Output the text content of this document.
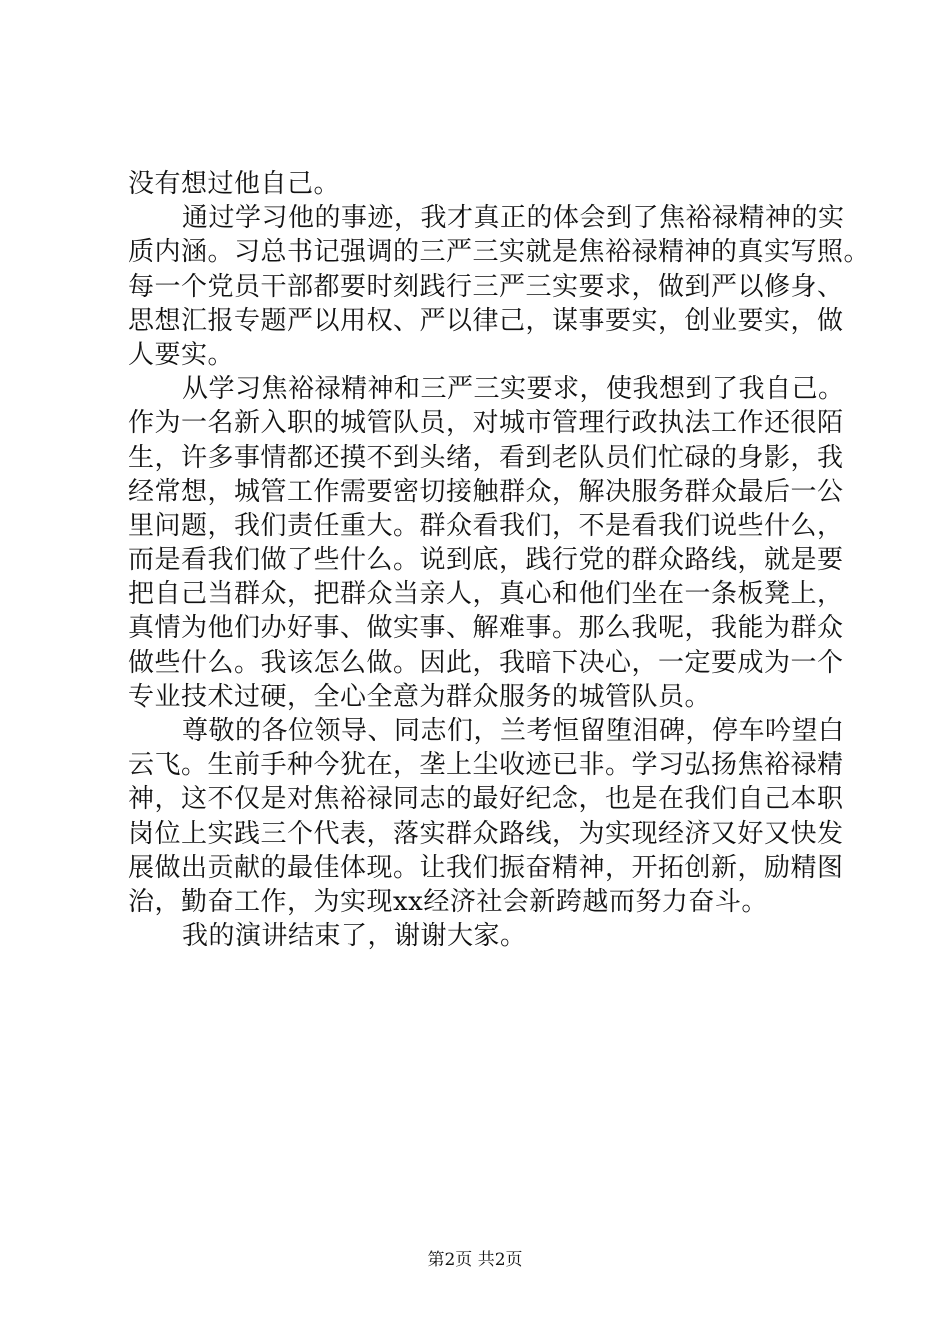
没有想过他自己。
通过学习他的事迹，我才真正的体会到了焦裕禄精神的实
质内涵。习总书记强调的三严三实就是焦裕禄精神的真实写照。
每一个党员干部都要时刻践行三严三实要求，做到严以修身、
思想汇报专题严以用权、严以律己，谋事要实，创业要实，做
人要实。
从学习焦裕禄精神和三严三实要求，使我想到了我自己。
作为一名新入职的城管队员，对城市管理行政执法工作还很陌
生，许多事情都还摸不到头绪，看到老队员们忙碌的身影，我
经常想，城管工作需要密切接触群众，解决服务群众最后一公
里问题，我们责任重大。群众看我们，不是看我们说些什么，
而是看我们做了些什么。说到底，践行党的群众路线，就是要
把自己当群众，把群众当亲人，真心和他们坐在一条板凳上，
真情为他们办好事、做实事、解难事。那么我呢，我能为群众
做些什么。我该怎么做。因此，我暗下决心，一定要成为一个
专业技术过硬，全心全意为群众服务的城管队员。
尊敬的各位领导、同志们，兰考恒留堕泪碑，停车吟望白
云飞。生前手种今犹在，垄上尘收迹已非。学习弘扬焦裕禄精
神，这不仅是对焦裕禄同志的最好纪念，也是在我们自己本职
岗位上实践三个代表，落实群众路线，为实现经济又好又快发
展做出贡献的最佳体现。让我们振奋精神，开拓创新，励精图
治，勤奋工作，为实现xx经济社会新跨越而努力奋斗。
我的演讲结束了，谢谢大家。
第2页 共2页
